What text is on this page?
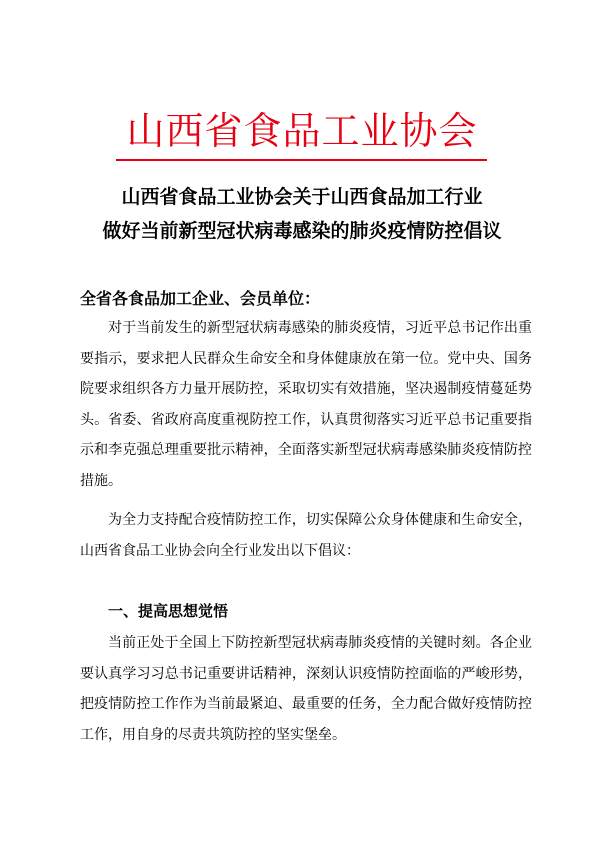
山西省食品工业协会
山西省食品工业协会关于山西食品加工行业
做好当前新型冠状病毒感染的肺炎疫情防控倡议
全省各食品加工企业、会员单位：

对于当前发生的新型冠状病毒感染的肺炎疫情，习近平总书记作出重要指示，要求把人民群众生命安全和身体健康放在第一位。党中央、国务院要求组织各方力量开展防控，采取切实有效措施，坚决遏制疫情蔓延势头。省委、省政府高度重视防控工作，认真贯彻落实习近平总书记重要指示和李克强总理重要批示精神，全面落实新型冠状病毒感染肺炎疫情防控措施。

为全力支持配合疫情防控工作，切实保障公众身体健康和生命安全，山西省食品工业协会向全行业发出以下倡议：

一、提高思想觉悟

当前正处于全国上下防控新型冠状病毒肺炎疫情的关键时刻。各企业要认真学习习总书记重要讲话精神，深刻认识疫情防控面临的严峻形势，把疫情防控工作作为当前最紧迫、最重要的任务，全力配合做好疫情防控工作，用自身的尽责共筑防控的坚实堡垒。
